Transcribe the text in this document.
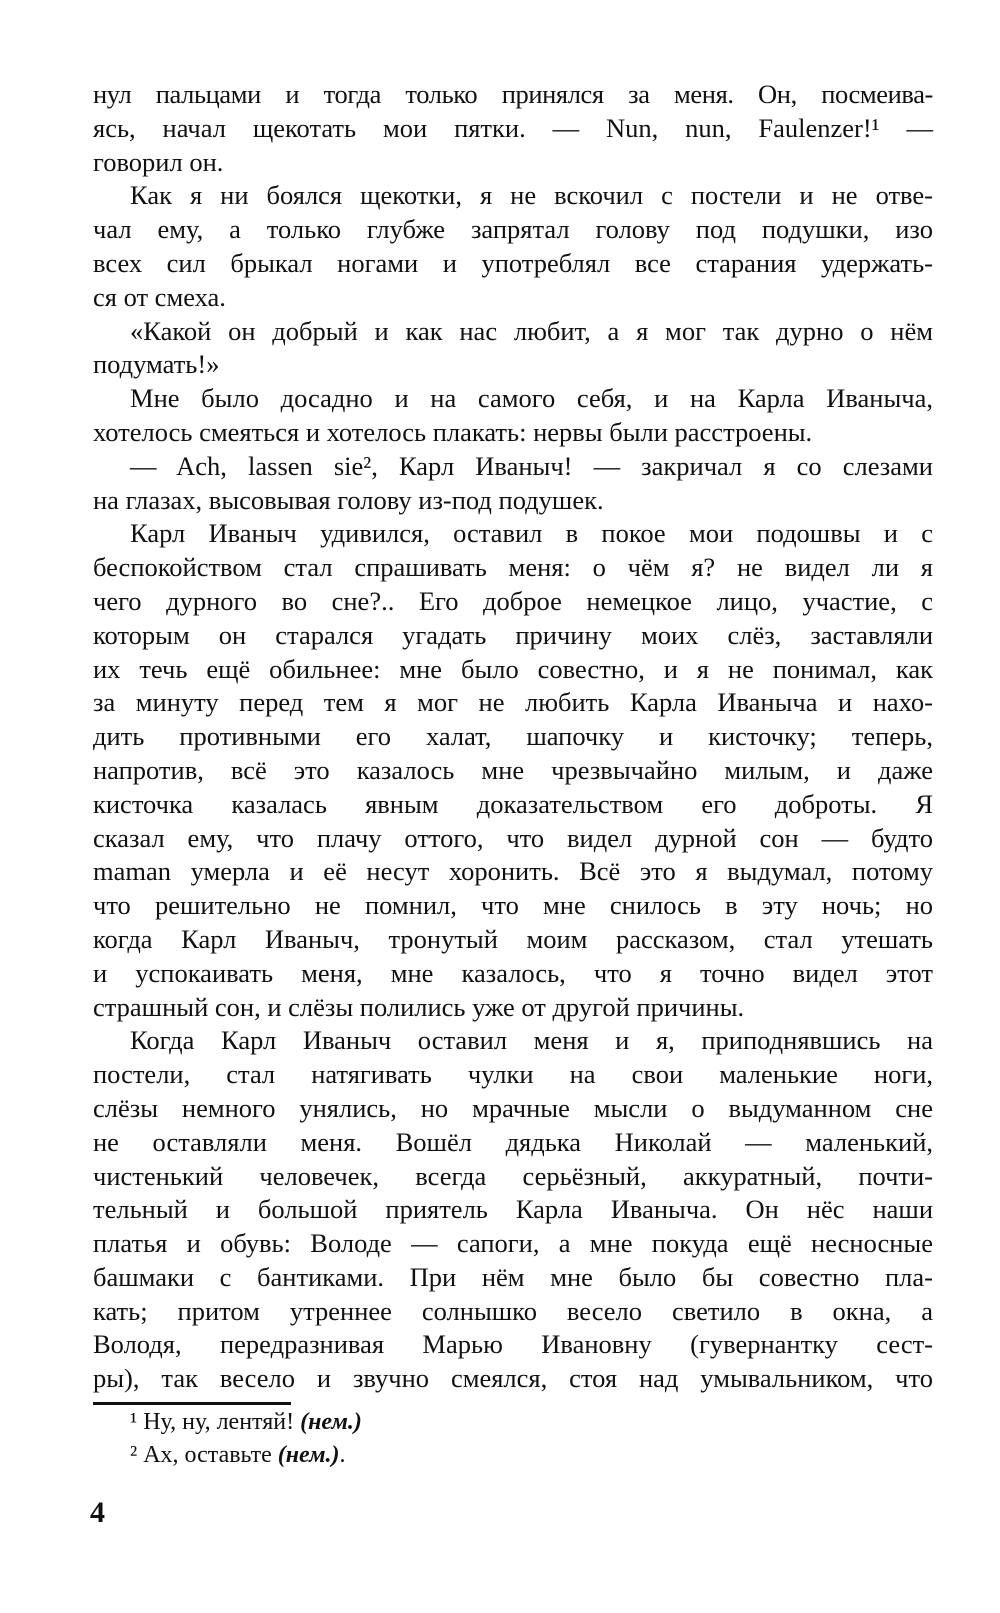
нул пальцами и тогда только принялся за меня. Он, посмеива-
ясь, начал щекотать мои пятки. — Nun, nun, Faulenzer!¹ —
говорил он.
Как я ни боялся щекотки, я не вскочил с постели и не отве-
чал ему, а только глубже запрятал голову под подушки, изо
всех сил брыкал ногами и употреблял все старания удержать-
ся от смеха.
«Какой он добрый и как нас любит, а я мог так дурно о нём
подумать!»
Мне было досадно и на самого себя, и на Карла Иваныча,
хотелось смеяться и хотелось плакать: нервы были расстроены.
— Ach, lassen sie², Карл Иваныч! — закричал я со слезами
на глазах, высовывая голову из-под подушек.
Карл Иваныч удивился, оставил в покое мои подошвы и с
беспокойством стал спрашивать меня: о чём я? не видел ли я
чего дурного во сне?.. Его доброе немецкое лицо, участие, с
которым он старался угадать причину моих слёз, заставляли
их течь ещё обильнее: мне было совестно, и я не понимал, как
за минуту перед тем я мог не любить Карла Иваныча и нахо-
дить противными его халат, шапочку и кисточку; теперь,
напротив, всё это казалось мне чрезвычайно милым, и даже
кисточка казалась явным доказательством его доброты. Я
сказал ему, что плачу оттого, что видел дурной сон — будто
maman умерла и её несут хоронить. Всё это я выдумал, потому
что решительно не помнил, что мне снилось в эту ночь; но
когда Карл Иваныч, тронутый моим рассказом, стал утешать
и успокаивать меня, мне казалось, что я точно видел этот
страшный сон, и слёзы полились уже от другой причины.
Когда Карл Иваныч оставил меня и я, приподнявшись на
постели, стал натягивать чулки на свои маленькие ноги,
слёзы немного унялись, но мрачные мысли о выдуманном сне
не оставляли меня. Вошёл дядька Николай — маленький,
чистенький человечек, всегда серьёзный, аккуратный, почти-
тельный и большой приятель Карла Иваныча. Он нёс наши
платья и обувь: Володе — сапоги, а мне покуда ещё несносные
башмаки с бантиками. При нём мне было бы совестно пла-
кать; притом утреннее солнышко весело светило в окна, а
Володя, передразнивая Марью Ивановну (гувернантку сест-
ры), так весело и звучно смеялся, стоя над умывальником, что
¹ Ну, ну, лентяй! (нем.)
² Ах, оставьте (нем.).
4
